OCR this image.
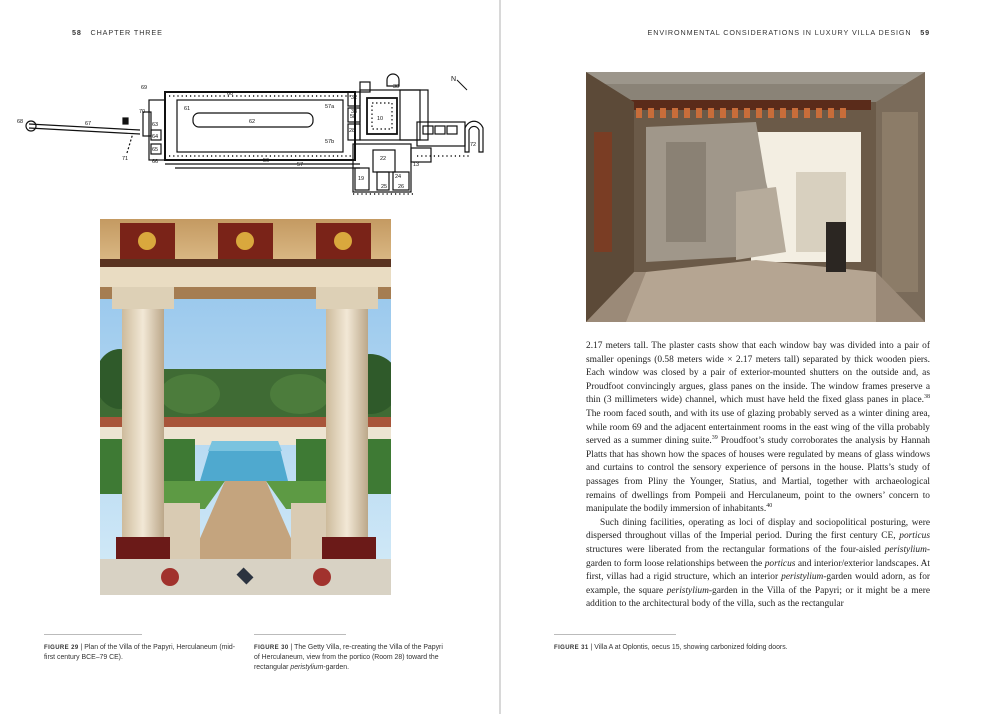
58 CHAPTER THREE
N
68	67
69
70
71
60
61
62
63
64
65
66	56
57
58
57a
57b
10
28
32
33
22
13
19	24
25 26
30
72
FIGURE 29 | Plan of the Villa of the Papyri, Herculaneum (mid-first century BCE–79 CE).
FIGURE 30 | The Getty Villa, re-creating the Villa of the Papyri of Herculaneum, view from the portico (Room 28) toward the rectangular peristylium-garden.
ENVIRONMENTAL CONSIDERATIONS IN LUXURY VILLA DESIGN 59

2.17 meters tall. The plaster casts show that each window bay was divided into a pair of smaller openings (0.58 meters wide × 2.17 meters tall) separated by thick wooden piers. Each window was closed by a pair of exterior-mounted shutters on the outside and, as Proudfoot convincingly argues, glass panes on the inside. The window frames preserve a thin (3 millimeters wide) channel, which must have held the fixed glass panes in place.$^{38}$ The room faced south, and with its use of glazing probably served as a winter dining area, while room 69 and the adjacent entertainment rooms in the east wing of the villa probably served as a summer dining suite.$^{39}$ Proudfoot’s study corroborates the analysis by Hannah Platts that has shown how the spaces of houses were regulated by means of glass windows and curtains to control the sensory experience of persons in the house. Platts’s study of passages from Pliny the Younger, Statius, and Martial, together with archaeological remains of dwellings from Pompeii and Herculaneum, point to the owners’ concern to manipulate the bodily immersion of inhabitants.$^{40}$

Such dining facilities, operating as loci of display and sociopolitical posturing, were dispersed throughout villas of the Imperial period. During the first century CE, porticus structures were liberated from the rectangular formations of the four-aisled peristylium-garden to form loose relationships between the porticus and interior/exterior landscapes. At first, villas had a rigid structure, which an interior peristylium-garden would adorn, as for example, the square peristylium-garden in the Villa of the Papyri; or it might be a mere addition to the architectural body of the villa, such as the rectangular

FIGURE 31 | Villa A at Oplontis, oecus 15, showing carbonized folding doors.
